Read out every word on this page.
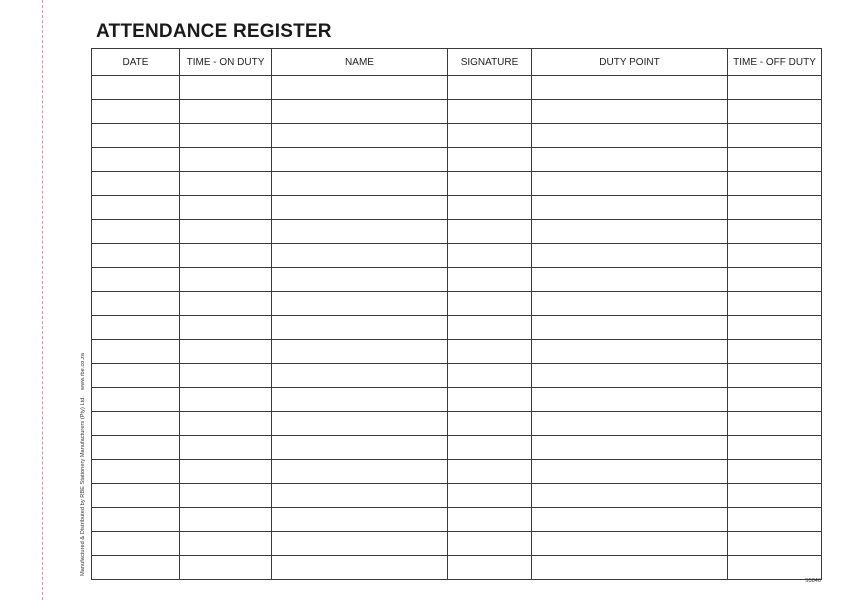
Manufactured & Distributed by RBE Stationery Manufacturers (Pty) Ltd.www.rbe.co.za
ATTENDANCE REGISTER
DATE	TIME - ON DUTY	NAME	SIGNATURE	DUTY POINT	TIME - OFF DUTY

S5846
